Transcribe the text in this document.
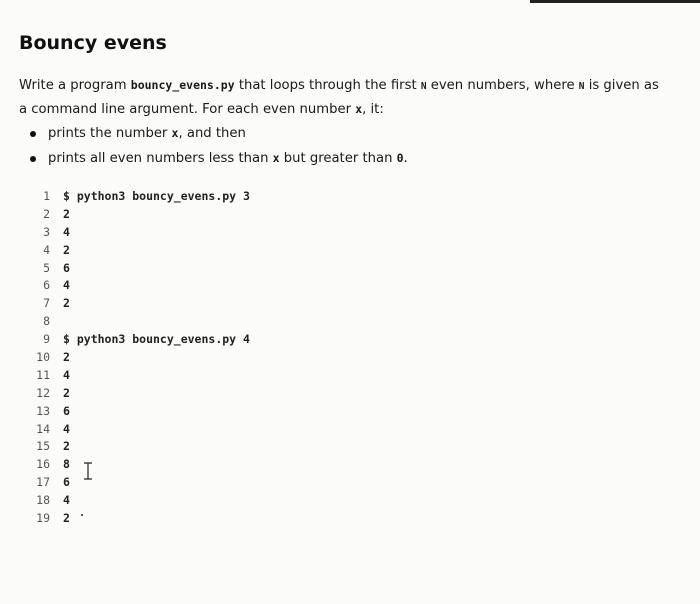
Bouncy evens

Write a program bouncy_evens.py that loops through the first N even numbers, where N is given as a command line argument. For each even number x, it:

prints the number x, and then
prints all even numbers less than x but greater than 0.
1 $ python3 bouncy_evens.py 3
2 2
3 4
4 2
5 6
6 4
7 2
8
9 $ python3 bouncy_evens.py 4
10 2
11 4
12 2
13 6
14 4
15 2
16 8
17 6
18 4
19 2
